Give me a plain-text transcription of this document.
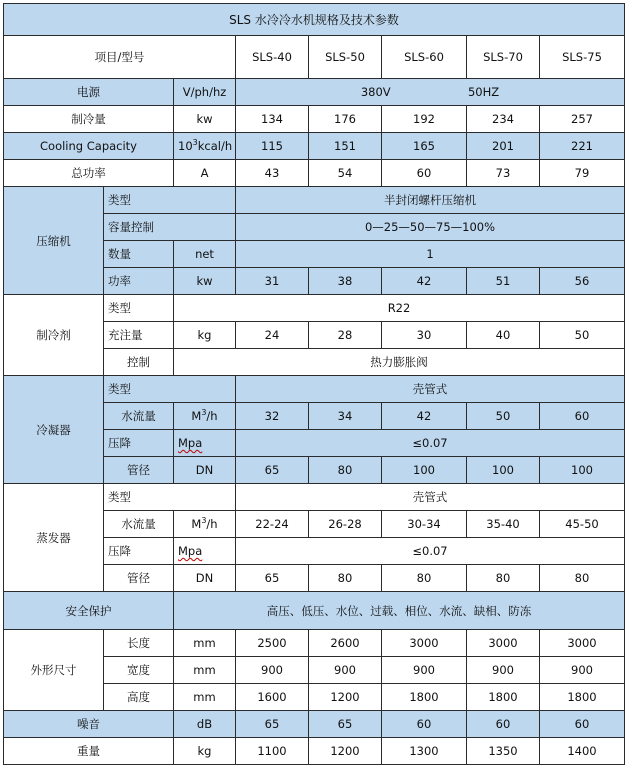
SLS 水冷冷水机规格及技术参数							
项目/型号			SLS-40	SLS-50	SLS-60	SLS-70	SLS-75
电源		V/ph/hz	380V 50HZ				
制冷量		kw	134	176	192	234	257
Cooling Capacity		$10^3kcal/h$	115	151	165	201	221
总功率		A	43	54	60	73	79
压缩机	类型		半封闭螺杆压缩机				
	容量控制		0—25—50—75—100%				
	数量	net	1				
	功率	kw	31	38	42	51	56
制冷剂	类型	R22					
	充注量	kg	24	28	30	40	50
	控制	热力膨胀阀					
冷凝器	类型		壳管式				
	水流量	$M^3/h$	32	34	42	50	60
	压降	Mpa	≤0.07				
	管径	DN	65	80	100	100	100
蒸发器	类型		壳管式				
	水流量	$M^3/h$	22-24	26-28	30-34	35-40	45-50
	压降	Mpa	≤0.07				
	管径	DN	65	80	80	80	80
安全保护		高压、低压、水位、过载、相位、水流、缺相、防冻					
外形尺寸	长度	mm	2500	2600	3000	3000	3000
	宽度	mm	900	900	900	900	900
	高度	mm	1600	1200	1800	1800	1800
噪音		dB	65	65	60	60	60
重量		kg	1100	1200	1300	1350	1400
